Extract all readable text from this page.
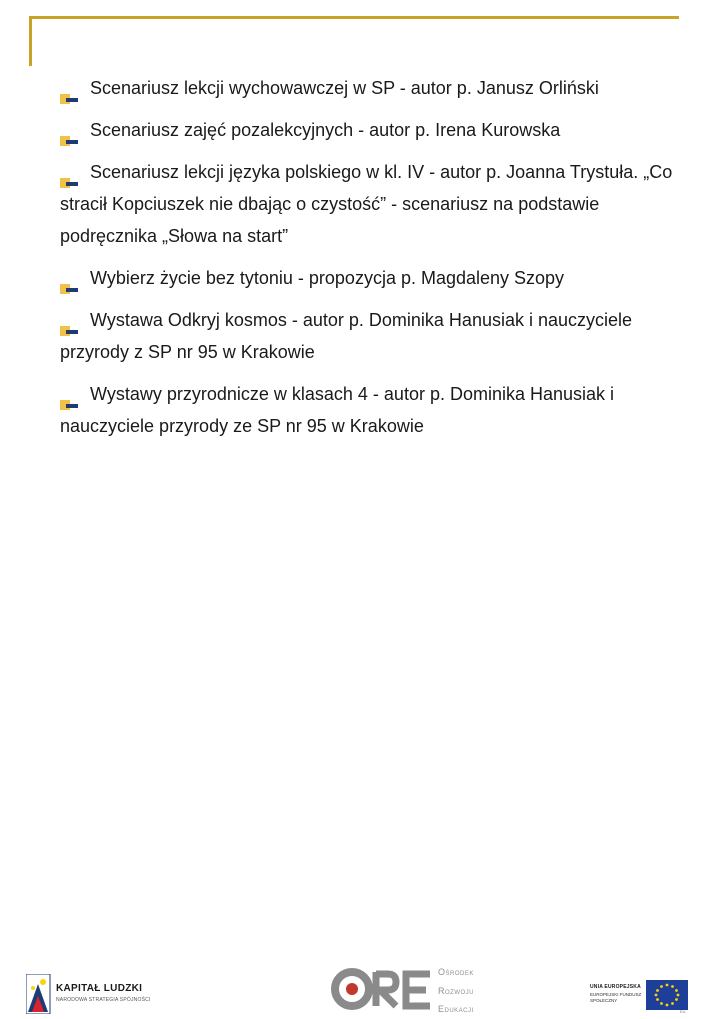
Scenariusz lekcji wychowawczej w SP - autor p. Janusz Orliński
Scenariusz zajęć pozalekcyjnych - autor p. Irena Kurowska
Scenariusz lekcji języka polskiego w kl. IV - autor p. Joanna Trystuła. „Co stracił Kopciuszek nie dbając o czystość” - scenariusz na podstawie podręcznika „Słowa na start”
Wybierz życie bez tytoniu - propozycja p. Magdaleny Szopy
Wystawa Odkryj kosmos - autor p. Dominika Hanusiak i nauczyciele przyrody z SP nr 95 w Krakowie
Wystawy przyrodnicze w klasach 4 - autor p. Dominika Hanusiak i nauczyciele przyrody ze SP nr 95 w Krakowie
KAPITAŁ LUDZKI
NARODOWA STRATEGIA SPÓJNOŚCI
Ośrodek
Rozwoju
Edukacji
UNIA EUROPEJSKA
EUROPEJSKI FUNDUSZ SPOŁECZNY
EU
